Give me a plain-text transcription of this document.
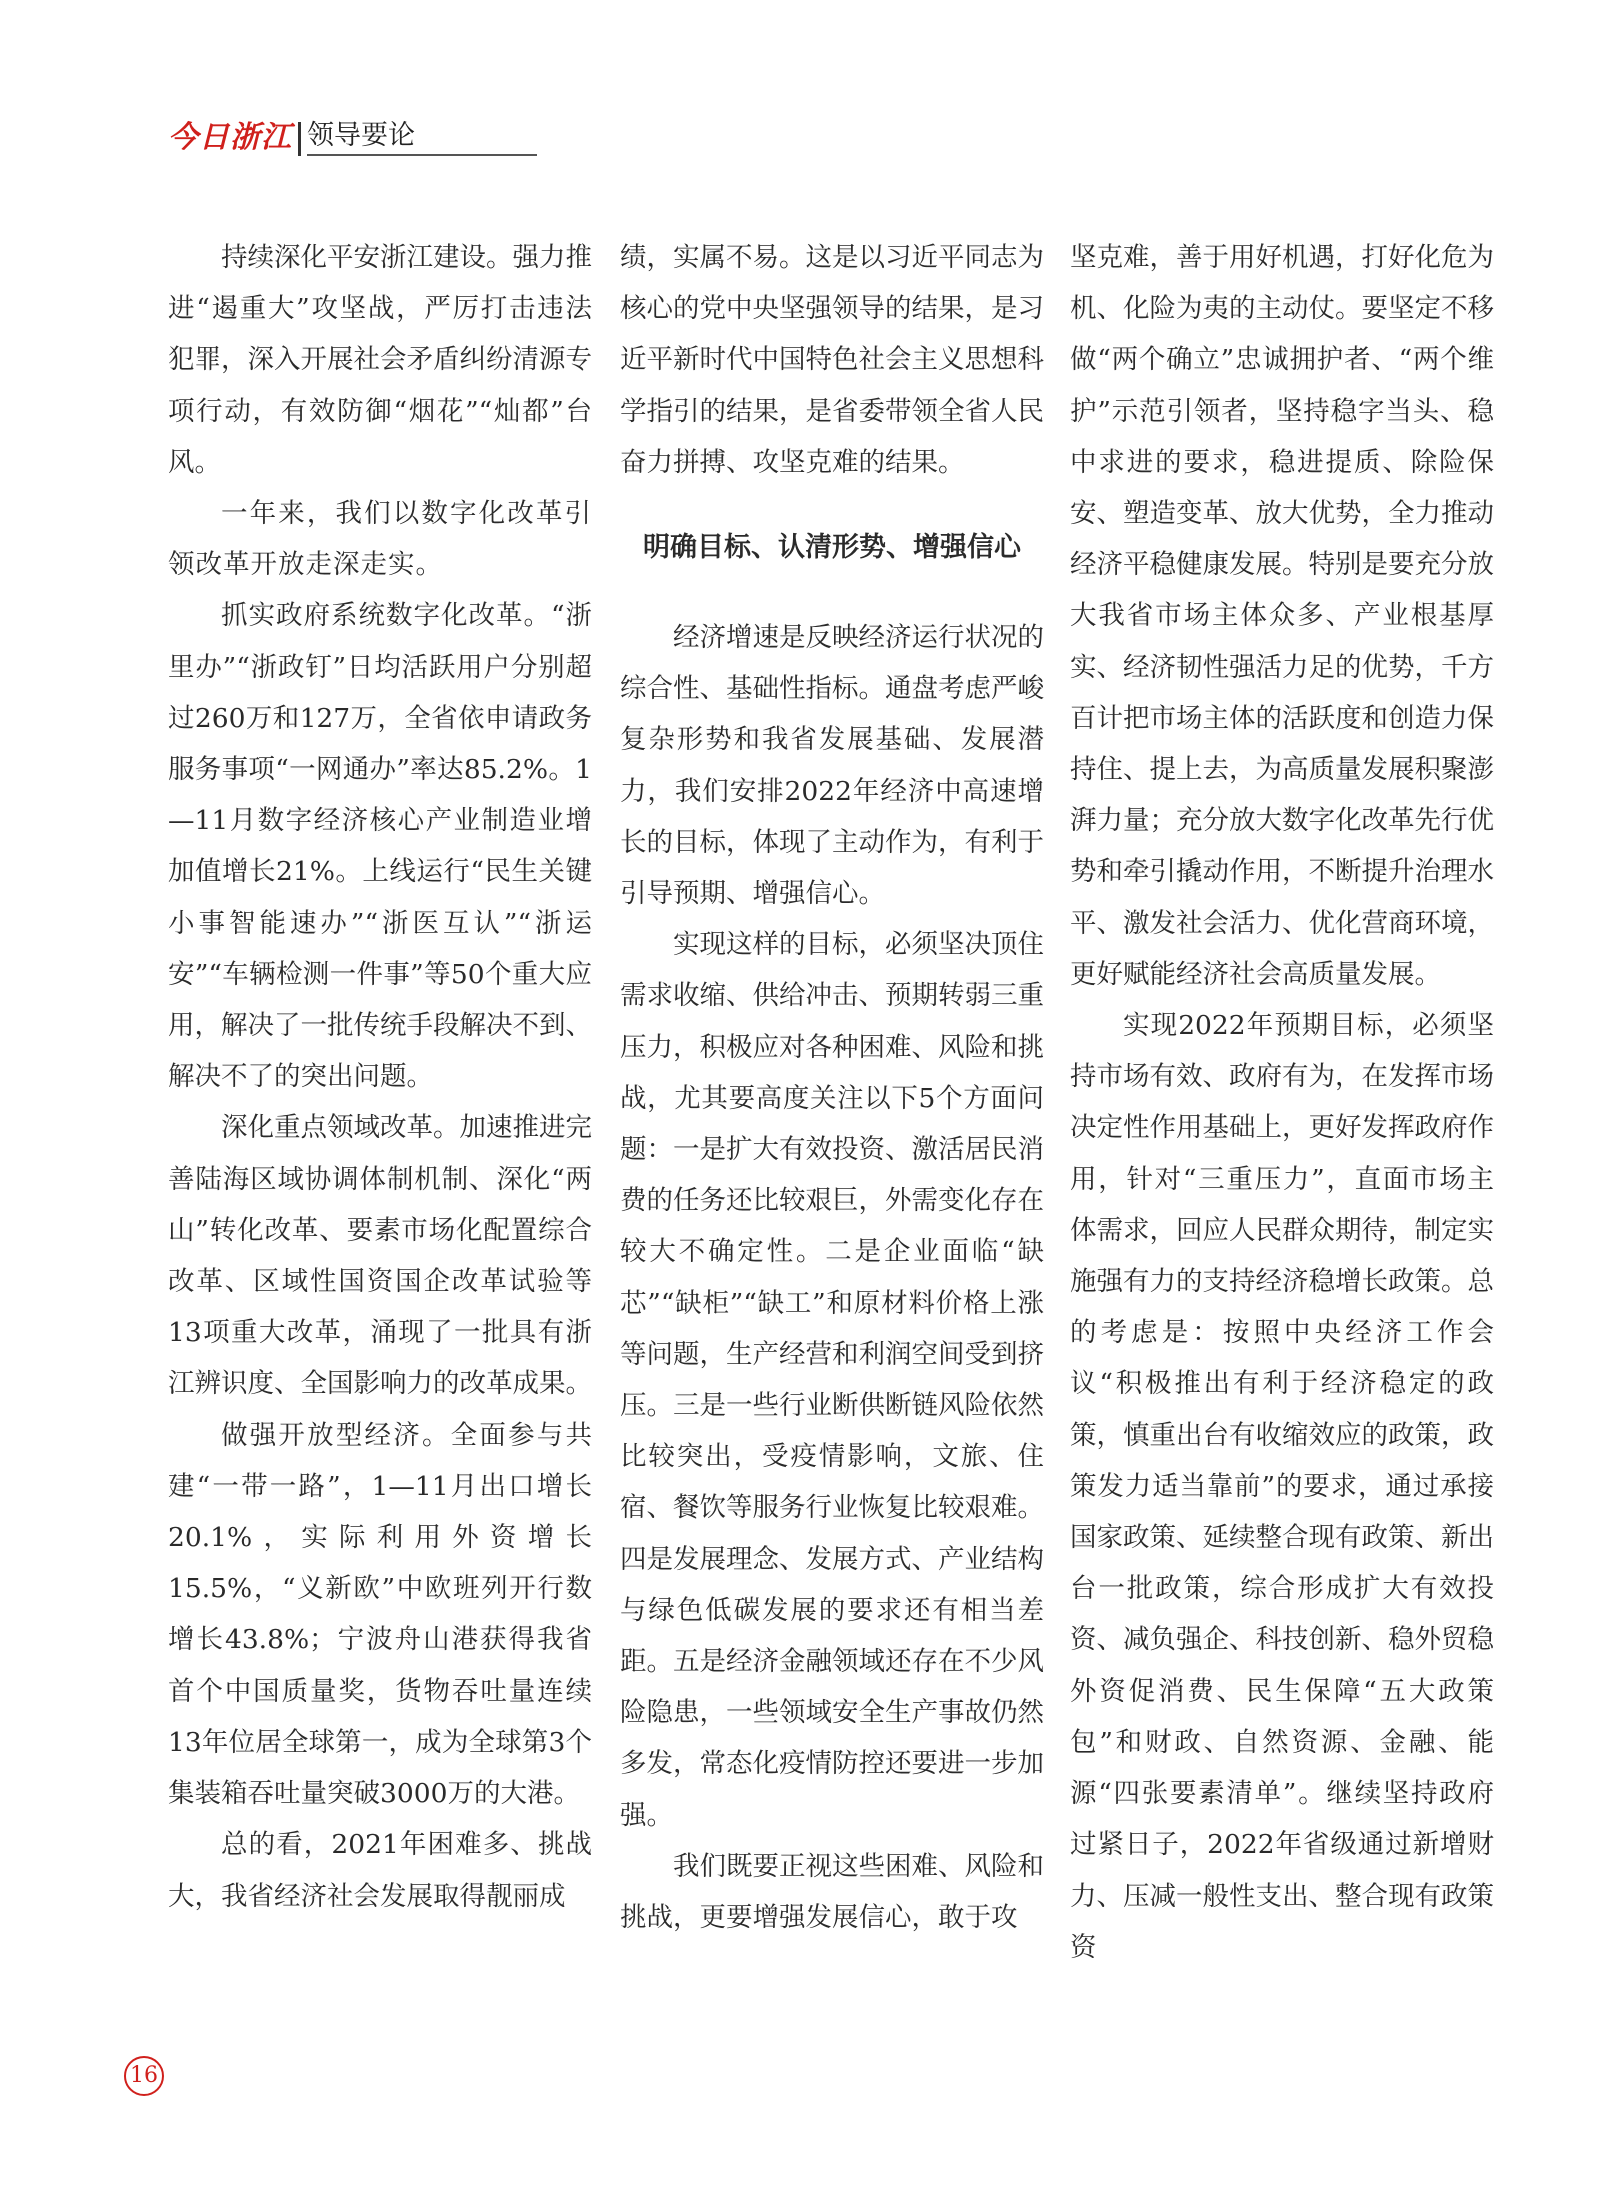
今日浙江 领导要论

持续深化平安浙江建设。强力推进“遏重大”攻坚战，严厉打击违法犯罪，深入开展社会矛盾纠纷清源专项行动，有效防御“烟花”“灿都”台风。

一年来，我们以数字化改革引领改革开放走深走实。

抓实政府系统数字化改革。“浙里办”“浙政钉”日均活跃用户分别超过260万和127万，全省依申请政务服务事项“一网通办”率达85.2%。1—11月数字经济核心产业制造业增加值增长21%。上线运行“民生关键小事智能速办”“浙医互认”“浙运安”“车辆检测一件事”等50个重大应用，解决了一批传统手段解决不到、解决不了的突出问题。

深化重点领域改革。加速推进完善陆海区域协调体制机制、深化“两山”转化改革、要素市场化配置综合改革、区域性国资国企改革试验等13项重大改革，涌现了一批具有浙江辨识度、全国影响力的改革成果。

做强开放型经济。全面参与共建“一带一路”，1—11月出口增长20.1%，实际利用外资增长15.5%，“义新欧”中欧班列开行数增长43.8%；宁波舟山港获得我省首个中国质量奖，货物吞吐量连续13年位居全球第一，成为全球第3个集装箱吞吐量突破3000万的大港。

总的看，2021年困难多、挑战大，我省经济社会发展取得靓丽成

绩，实属不易。这是以习近平同志为核心的党中央坚强领导的结果，是习近平新时代中国特色社会主义思想科学指引的结果，是省委带领全省人民奋力拼搏、攻坚克难的结果。

明确目标、认清形势、增强信心

经济增速是反映经济运行状况的综合性、基础性指标。通盘考虑严峻复杂形势和我省发展基础、发展潜力，我们安排2022年经济中高速增长的目标，体现了主动作为，有利于引导预期、增强信心。

实现这样的目标，必须坚决顶住需求收缩、供给冲击、预期转弱三重压力，积极应对各种困难、风险和挑战，尤其要高度关注以下5个方面问题：一是扩大有效投资、激活居民消费的任务还比较艰巨，外需变化存在较大不确定性。二是企业面临“缺芯”“缺柜”“缺工”和原材料价格上涨等问题，生产经营和利润空间受到挤压。三是一些行业断供断链风险依然比较突出，受疫情影响，文旅、住宿、餐饮等服务行业恢复比较艰难。四是发展理念、发展方式、产业结构与绿色低碳发展的要求还有相当差距。五是经济金融领域还存在不少风险隐患，一些领域安全生产事故仍然多发，常态化疫情防控还要进一步加强。

我们既要正视这些困难、风险和挑战，更要增强发展信心，敢于攻

坚克难，善于用好机遇，打好化危为机、化险为夷的主动仗。要坚定不移做“两个确立”忠诚拥护者、“两个维护”示范引领者，坚持稳字当头、稳中求进的要求，稳进提质、除险保安、塑造变革、放大优势，全力推动经济平稳健康发展。特别是要充分放大我省市场主体众多、产业根基厚实、经济韧性强活力足的优势，千方百计把市场主体的活跃度和创造力保持住、提上去，为高质量发展积聚澎湃力量；充分放大数字化改革先行优势和牵引撬动作用，不断提升治理水平、激发社会活力、优化营商环境，更好赋能经济社会高质量发展。

实现2022年预期目标，必须坚持市场有效、政府有为，在发挥市场决定性作用基础上，更好发挥政府作用，针对“三重压力”，直面市场主体需求，回应人民群众期待，制定实施强有力的支持经济稳增长政策。总的考虑是：按照中央经济工作会议“积极推出有利于经济稳定的政策，慎重出台有收缩效应的政策，政策发力适当靠前”的要求，通过承接国家政策、延续整合现有政策、新出台一批政策，综合形成扩大有效投资、减负强企、科技创新、稳外贸稳外资促消费、民生保障“五大政策包”和财政、自然资源、金融、能源“四张要素清单”。继续坚持政府过紧日子，2022年省级通过新增财力、压减一般性支出、整合现有政策资

16
